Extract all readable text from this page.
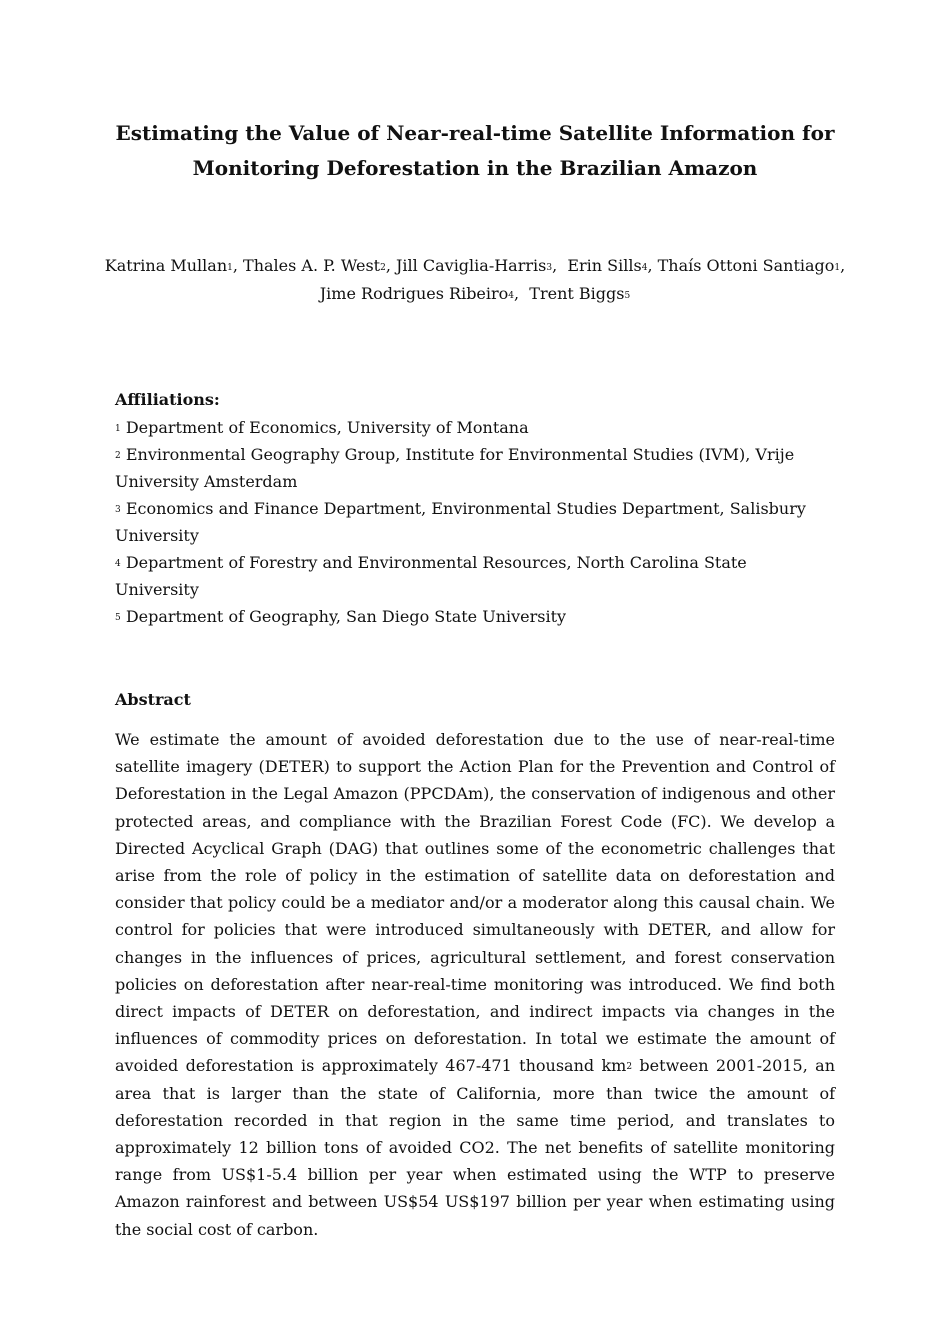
Estimating the Value of Near-real-time Satellite Information for
Monitoring Deforestation in the Brazilian Amazon
Katrina Mullan$^1$, Thales A. P. West$^2$, Jill Caviglia-Harris$^3$,  Erin Sills$^4$, Thaís Ottoni Santiago$^1$,
Jime Rodrigues Ribeiro$^4$,  Trent Biggs$^5$
Affiliations:
$^1$ Department of Economics, University of Montana
$^2$ Environmental Geography Group, Institute for Environmental Studies (IVM), Vrije University Amsterdam
$^3$ Economics and Finance Department, Environmental Studies Department, Salisbury University
$^4$ Department of Forestry and Environmental Resources, North Carolina State University
$^5$ Department of Geography, San Diego State University
Abstract
We estimate the amount of avoided deforestation due to the use of near-real-time satellite imagery (DETER) to support the Action Plan for the Prevention and Control of Deforestation in the Legal Amazon (PPCDAm), the conservation of indigenous and other protected areas, and compliance with the Brazilian Forest Code (FC). We develop a Directed Acyclical Graph (DAG) that outlines some of the econometric challenges that arise from the role of policy in the estimation of satellite data on deforestation and consider that policy could be a mediator and/or a moderator along this causal chain. We control for policies that were introduced simultaneously with DETER, and allow for changes in the influences of prices, agricultural settlement, and forest conservation policies on deforestation after near-real-time monitoring was introduced. We find both direct impacts of DETER on deforestation, and indirect impacts via changes in the influences of commodity prices on deforestation. In total we estimate the amount of avoided deforestation is approximately 467-471 thousand $km^2$ between 2001-2015, an area that is larger than the state of California, more than twice the amount of deforestation recorded in that region in the same time period, and translates to approximately 12 billion tons of avoided CO2. The net benefits of satellite monitoring range from US$1-5.4 billion per year when estimated using the WTP to preserve Amazon rainforest and between US$54 US$197 billion per year when estimating using the social cost of carbon.
